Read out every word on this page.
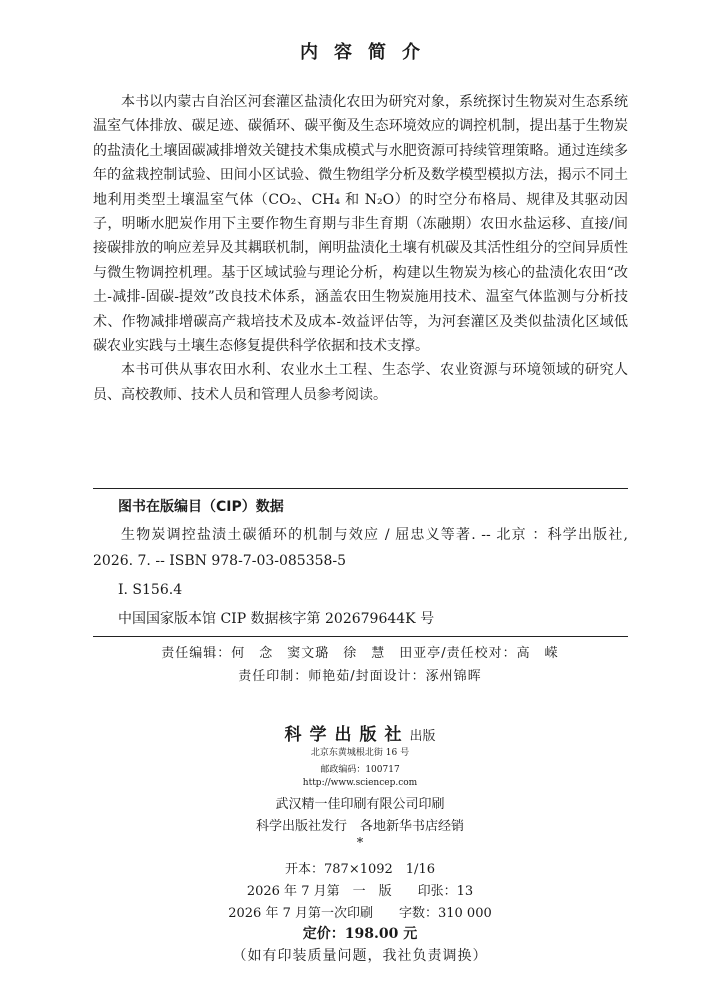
内容简介

本书以内蒙古自治区河套灌区盐渍化农田为研究对象，系统探讨生物炭对生态系统温室气体排放、碳足迹、碳循环、碳平衡及生态环境效应的调控机制，提出基于生物炭的盐渍化土壤固碳减排增效关键技术集成模式与水肥资源可持续管理策略。通过连续多年的盆栽控制试验、田间小区试验、微生物组学分析及数学模型模拟方法，揭示不同土地利用类型土壤温室气体（CO₂、CH₄ 和 N₂O）的时空分布格局、规律及其驱动因子，明晰水肥炭作用下主要作物生育期与非生育期（冻融期）农田水盐运移、直接/间接碳排放的响应差异及其耦联机制，阐明盐渍化土壤有机碳及其活性组分的空间异质性与微生物调控机理。基于区域试验与理论分析，构建以生物炭为核心的盐渍化农田“改土-减排-固碳-提效”改良技术体系，涵盖农田生物炭施用技术、温室气体监测与分析技术、作物减排增碳高产栽培技术及成本-效益评估等，为河套灌区及类似盐渍化区域低碳农业实践与土壤生态修复提供科学依据和技术支撑。

本书可供从事农田水利、农业水土工程、生态学、农业资源与环境领域的研究人员、高校教师、技术人员和管理人员参考阅读。

图书在版编目（CIP）数据

生物炭调控盐渍土碳循环的机制与效应 / 屈忠义等著. -- 北京 ：科学出版社, 2026. 7. -- ISBN 978-7-03-085358-5

I. S156.4
中国国家版本馆 CIP 数据核字第 202679644K 号
责任编辑：何　念　窦文璐　徐　慧　田亚亭/责任校对：高　嵘
责任印制：师艳茹/封面设计：涿州锦晖
科学出版社出版
北京东黄城根北街 16 号
邮政编码：100717
http://www.sciencep.com
武汉精一佳印刷有限公司印刷
科学出版社发行　各地新华书店经销
*
开本：787×1092　1/16
2026 年 7 月第　一　版　　印张：13
2026 年 7 月第一次印刷　　字数：310 000
定价：198.00 元
（如有印装质量问题，我社负责调换）
